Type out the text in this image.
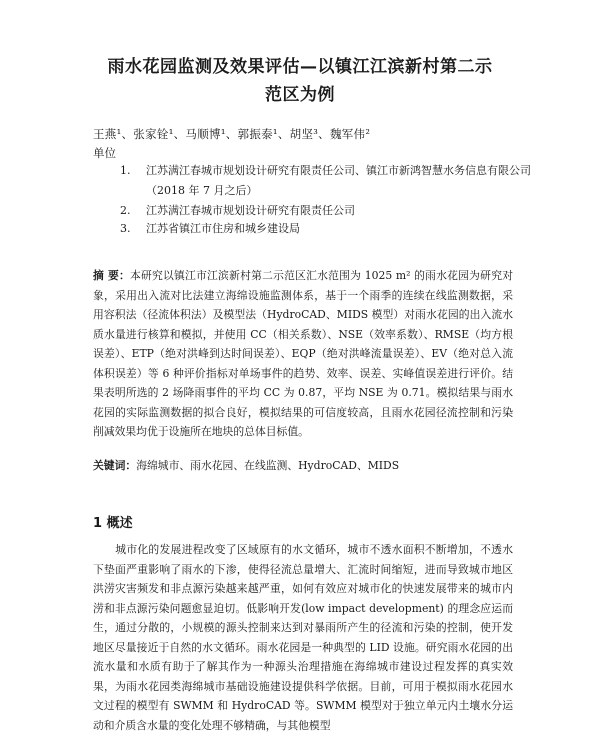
雨水花园监测及效果评估—以镇江江滨新村第二示
范区为例
王燕¹、张家铨¹、马顺博¹、郭振泰¹、胡坚³、魏军伟²
单位
1. 江苏满江春城市规划设计研究有限责任公司、镇江市新鸿智慧水务信息有限公司
（2018 年 7 月之后）
2. 江苏满江春城市规划设计研究有限责任公司
3. 江苏省镇江市住房和城乡建设局
摘 要：本研究以镇江市江滨新村第二示范区汇水范围为 1025 m² 的雨水花园为研究对象，采用出入流对比法建立海绵设施监测体系，基于一个雨季的连续在线监测数据，采用容积法（径流体积法）及模型法（HydroCAD、MIDS 模型）对雨水花园的出入流水质水量进行核算和模拟，并使用 CC（相关系数）、NSE（效率系数）、RMSE（均方根误差）、ETP（绝对洪峰到达时间误差）、EQP（绝对洪峰流量误差）、EV（绝对总入流体积误差）等 6 种评价指标对单场事件的趋势、效率、误差、实峰值误差进行评价。结果表明所选的 2 场降雨事件的平均 CC 为 0.87，平均 NSE 为 0.71。模拟结果与雨水花园的实际监测数据的拟合良好，模拟结果的可信度较高，且雨水花园径流控制和污染削减效果均优于设施所在地块的总体目标值。
关键词：海绵城市、雨水花园、在线监测、HydroCAD、MIDS
1 概述
城市化的发展进程改变了区域原有的水文循环，城市不透水面积不断增加，不透水下垫面严重影响了雨水的下渗，使得径流总量增大、汇流时间缩短，进而导致城市地区洪涝灾害频发和非点源污染越来越严重，如何有效应对城市化的快速发展带来的城市内涝和非点源污染问题愈显迫切。低影响开发(low impact development) 的理念应运而生，通过分散的，小规模的源头控制来达到对暴雨所产生的径流和污染的控制，使开发地区尽量接近于自然的水文循环。雨水花园是一种典型的 LID 设施。研究雨水花园的出流水量和水质有助于了解其作为一种源头治理措施在海绵城市建设过程发挥的真实效果，为雨水花园类海绵城市基础设施建设提供科学依据。目前，可用于模拟雨水花园水文过程的模型有 SWMM 和 HydroCAD 等。SWMM 模型对于独立单元内土壤水分运动和介质含水量的变化处理不够精确，与其他模型
